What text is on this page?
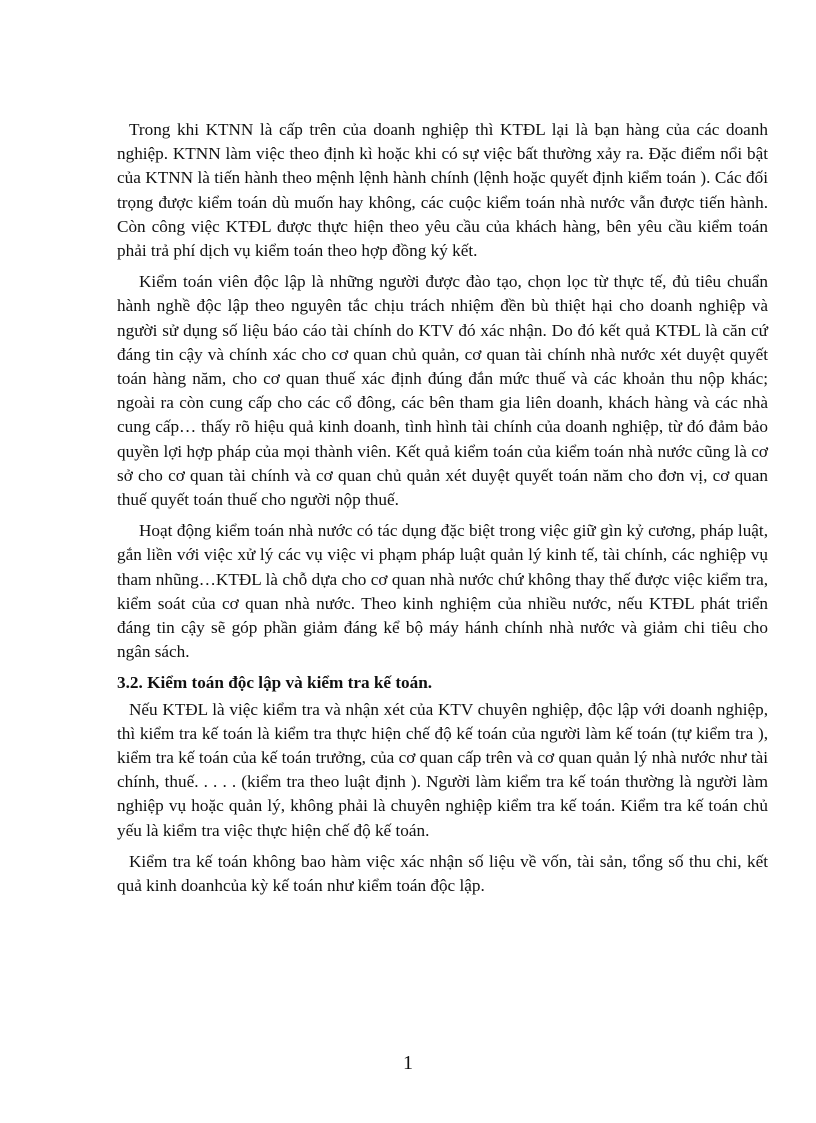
Trong khi KTNN là cấp trên của doanh nghiệp thì KTĐL lại là bạn hàng của các doanh nghiệp. KTNN làm việc theo định kì hoặc khi có sự việc bất thường xảy ra. Đặc điểm nổi bật của KTNN là tiến hành theo mệnh lệnh hành chính (lệnh hoặc quyết định kiểm toán ). Các đối trọng được kiểm toán dù muốn hay không, các cuộc kiểm toán nhà nước vẫn được tiến hành. Còn công việc KTĐL được thực hiện theo yêu cầu của khách hàng, bên yêu cầu kiểm toán phải trả phí dịch vụ kiểm toán theo hợp đồng ký kết.

Kiểm toán viên độc lập là những người được đào tạo, chọn lọc từ thực tế, đủ tiêu chuẩn hành nghề độc lập theo nguyên tắc chịu trách nhiệm đền bù thiệt hại cho doanh nghiệp và người sử dụng số liệu báo cáo tài chính do KTV đó xác nhận. Do đó kết quả KTĐL là căn cứ đáng tin cậy và chính xác cho cơ quan chủ quản, cơ quan tài chính nhà nước xét duyệt quyết toán hàng năm, cho cơ quan thuế xác định đúng đắn mức thuế và các khoản thu nộp khác; ngoài ra còn cung cấp cho các cổ đông, các bên tham gia liên doanh, khách hàng và các nhà cung cấp… thấy rõ hiệu quả kinh doanh, tình hình tài chính của doanh nghiệp, từ đó đảm bảo quyền lợi hợp pháp của mọi thành viên. Kết quả kiểm toán của kiểm toán nhà nước cũng là cơ sở cho cơ quan tài chính và cơ quan chủ quản xét duyệt quyết toán năm cho đơn vị, cơ quan thuế quyết toán thuế cho người nộp thuế.

Hoạt động kiểm toán nhà nước có tác dụng đặc biệt trong việc giữ gìn kỷ cương, pháp luật, gắn liền với việc xử lý các vụ việc vi phạm pháp luật quản lý kinh tế, tài chính, các nghiệp vụ tham nhũng…KTĐL là chỗ dựa cho cơ quan nhà nước chứ không thay thế được việc kiểm tra, kiểm soát của cơ quan nhà nước. Theo kinh nghiệm của nhiều nước, nếu KTĐL phát triển đáng tin cậy sẽ góp phần giảm đáng kể bộ máy hánh chính nhà nước và giảm chi tiêu cho ngân sách.

3.2. Kiểm toán độc lập và kiểm tra kế toán.

Nếu KTĐL là việc kiểm tra và nhận xét của KTV chuyên nghiệp, độc lập với doanh nghiệp, thì kiểm tra kế toán là kiểm tra thực hiện chế độ kế toán của người làm kế toán (tự kiểm tra ), kiểm tra kế toán của kế toán trưởng, của cơ quan cấp trên và cơ quan quản lý nhà nước như tài chính, thuế. . . . . (kiểm tra theo luật định ). Người làm kiểm tra kế toán thường là người làm nghiệp vụ hoặc quản lý, không phải là chuyên nghiệp kiểm tra kế toán. Kiểm tra kế toán chủ yếu là kiểm tra việc thực hiện chế độ kế toán.

Kiểm tra kế toán không bao hàm việc xác nhận số liệu về vốn, tài sản, tổng số thu chi, kết quả kinh doanhcủa kỳ kế toán như kiểm toán độc lập.

1
